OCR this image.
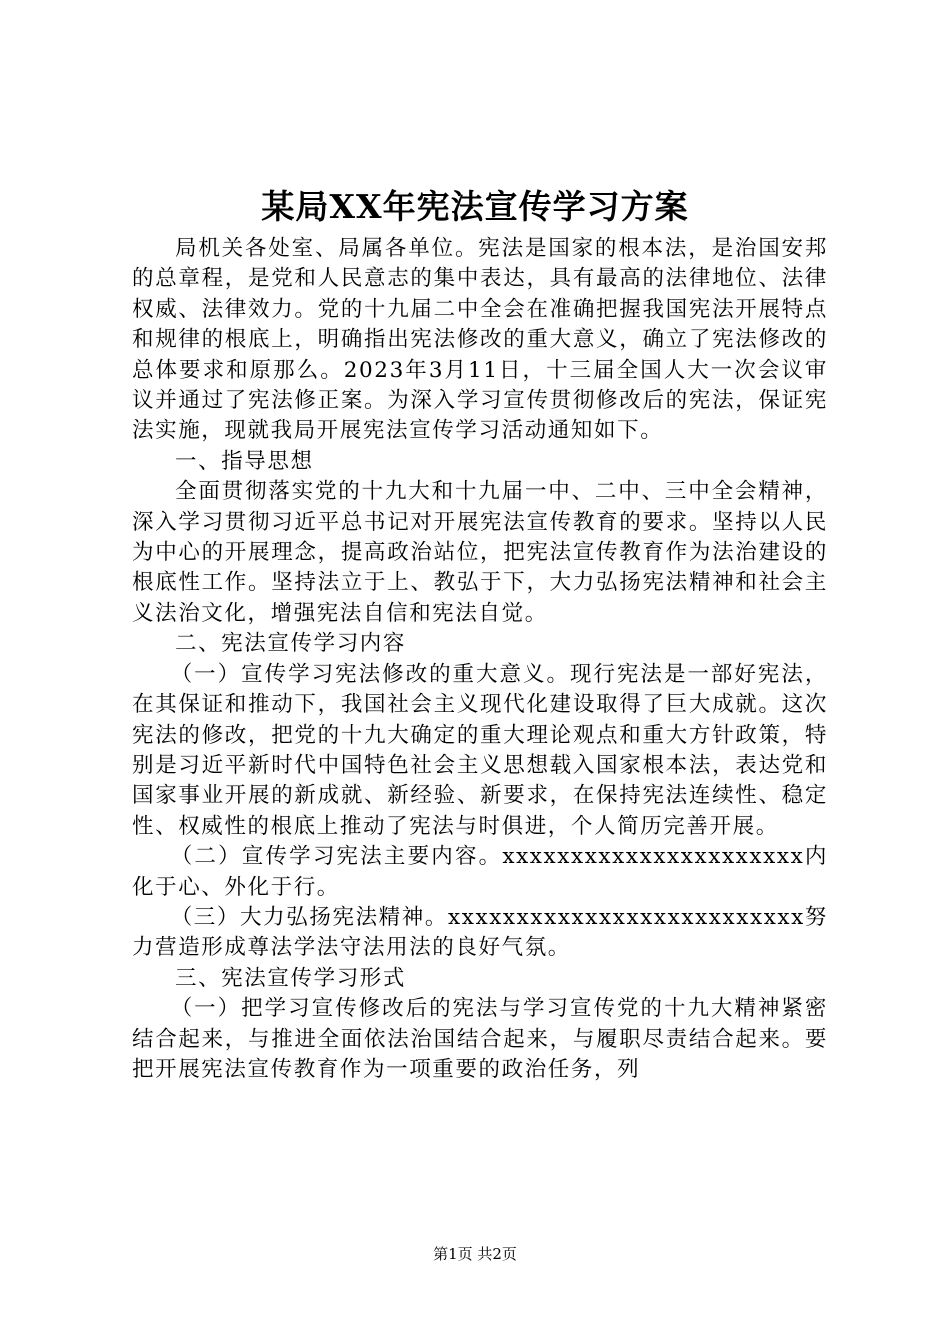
某局XX年宪法宣传学习方案

局机关各处室、局属各单位。宪法是国家的根本法，是治国安邦的总章程，是党和人民意志的集中表达，具有最高的法律地位、法律权威、法律效力。党的十九届二中全会在准确把握我国宪法开展特点和规律的根底上，明确指出宪法修改的重大意义，确立了宪法修改的总体要求和原那么。2023年3月11日，十三届全国人大一次会议审议并通过了宪法修正案。为深入学习宣传贯彻修改后的宪法，保证宪法实施，现就我局开展宪法宣传学习活动通知如下。

一、指导思想

全面贯彻落实党的十九大和十九届一中、二中、三中全会精神，深入学习贯彻习近平总书记对开展宪法宣传教育的要求。坚持以人民为中心的开展理念，提高政治站位，把宪法宣传教育作为法治建设的根底性工作。坚持法立于上、教弘于下，大力弘扬宪法精神和社会主义法治文化，增强宪法自信和宪法自觉。

二、宪法宣传学习内容

（一）宣传学习宪法修改的重大意义。现行宪法是一部好宪法，在其保证和推动下，我国社会主义现代化建设取得了巨大成就。这次宪法的修改，把党的十九大确定的重大理论观点和重大方针政策，特别是习近平新时代中国特色社会主义思想载入国家根本法，表达党和国家事业开展的新成就、新经验、新要求，在保持宪法连续性、稳定性、权威性的根底上推动了宪法与时俱进，个人简历完善开展。

（二）宣传学习宪法主要内容。xxxxxxxxxxxxxxxxxxxxxx内化于心、外化于行。

（三）大力弘扬宪法精神。xxxxxxxxxxxxxxxxxxxxxxxxxx努力营造形成尊法学法守法用法的良好气氛。

三、宪法宣传学习形式

（一）把学习宣传修改后的宪法与学习宣传党的十九大精神紧密结合起来，与推进全面依法治国结合起来，与履职尽责结合起来。要把开展宪法宣传教育作为一项重要的政治任务，列

第1页 共2页
